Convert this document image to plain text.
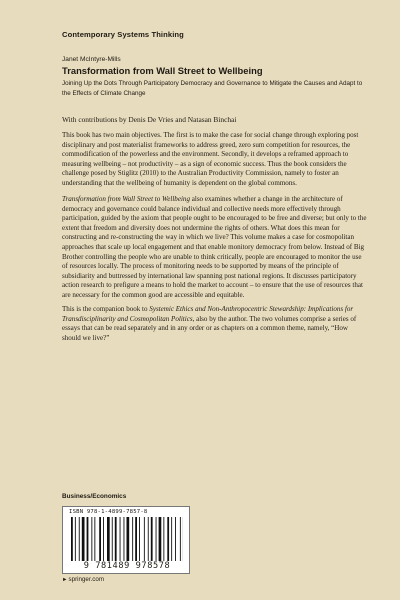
Contemporary Systems Thinking
Janet McIntyre-Mills
Transformation from Wall Street to Wellbeing
Joining Up the Dots Through Participatory Democracy and Governance to Mitigate the Causes and Adapt to the Effects of Climate Change
With contributions by Denis De Vries and Natasan Binchai

This book has two main objectives. The first is to make the case for social change through exploring post disciplinary and post materialist frameworks to address greed, zero sum competition for resources, the commodification of the powerless and the environment. Secondly, it develops a reframed approach to measuring wellbeing – not productivity – as a sign of economic success. Thus the book considers the challenge posed by Stiglitz (2010) to the Australian Productivity Commission, namely to foster an understanding that the wellbeing of humanity is dependent on the global commons.

Transformation from Wall Street to Wellbeing also examines whether a change in the architecture of democracy and governance could balance individual and collective needs more effectively through participation, guided by the axiom that people ought to be encouraged to be free and diverse; but only to the extent that freedom and diversity does not undermine the rights of others. What does this mean for constructing and re-constructing the way in which we live? This volume makes a case for cosmopolitan approaches that scale up local engagement and that enable monitory democracy from below. Instead of Big Brother controlling the people who are unable to think critically, people are encouraged to monitor the use of resources locally. The process of monitoring needs to be supported by means of the principle of subsidiarity and buttressed by international law spanning post national regions. It discusses participatory action research to prefigure a means to hold the market to account – to ensure that the use of resources that are necessary for the common good are accessible and equitable.

This is the companion book to Systemic Ethics and Non-Anthropocentric Stewardship: Implications for Transdisciplinarity and Cosmopolitan Politics, also by the author. The two volumes comprise a series of essays that can be read separately and in any order or as chapters on a common theme, namely, “How should we live?”

Business/Economics
ISBN 978-1-4899-7857-8
9 781489 978578
►springer.com
